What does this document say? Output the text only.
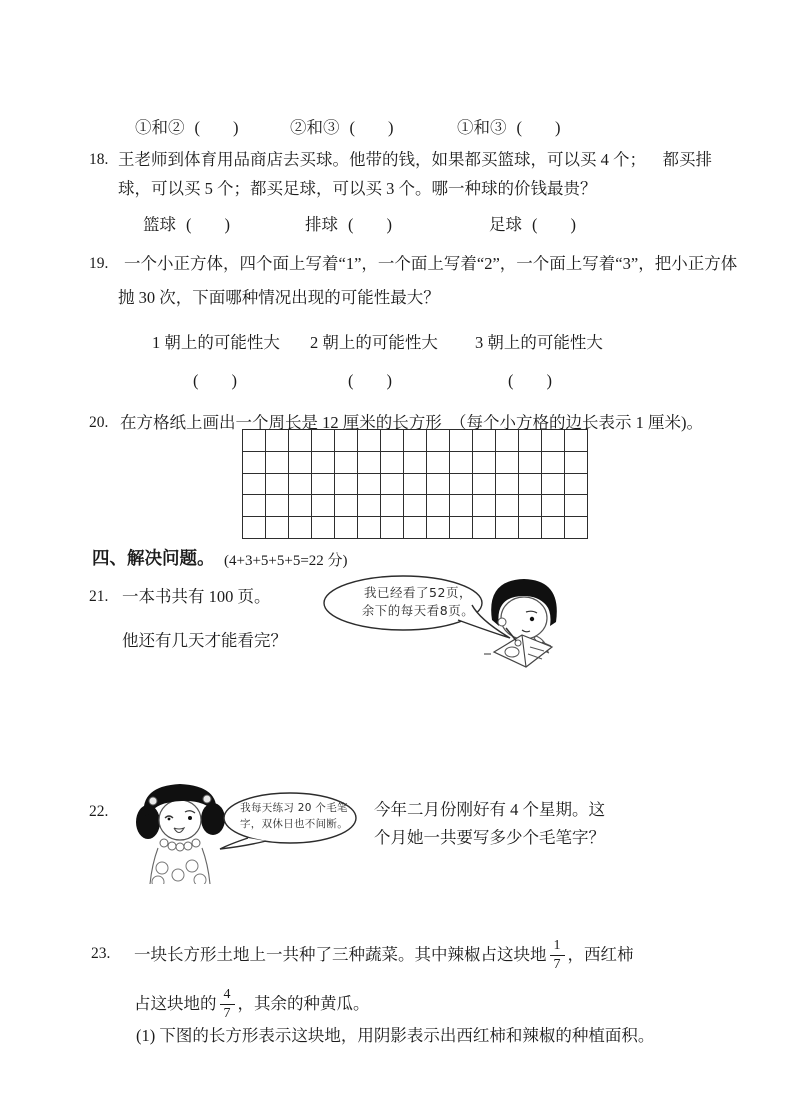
①和② (        )	②和③ (        )	①和③ (        )
18. 王老师到体育用品商店去买球。他带的钱，如果都买篮球，可以买 4 个；    都买排
球，可以买 5 个；都买足球，可以买 3 个。哪一种球的价钱最贵？
篮球 (        )	排球 (        )	足球 (        )
19. 一个小正方体，四个面上写着“1”，一个面上写着“2”，一个面上写着“3”，把小正方体
抛 30 次，下面哪种情况出现的可能性最大？
1 朝上的可能性大 2 朝上的可能性大 3 朝上的可能性大
(        )	(        )	(        )
20. 在方格纸上画出一个周长是 12 厘米的长方形  （每个小方格的边长表示 1 厘米)。
四、解决问题。 (4+3+5+5+5=22 分)
21. 一本书共有 100 页。
他还有几天才能看完？
我已经看了52页，
余下的每天看8页。
22.	我每天练习 20 个毛笔
字，双休日也不间断。
今年二月份刚好有 4 个星期。这
个月她一共要写多少个毛笔字？
23. 一块长方形土地上一共种了三种蔬菜。其中辣椒占这块地 $\frac{1}{7}$ ，西红柿
占这块地的 $\frac{4}{7}$ ，其余的种黄瓜。
(1) 下图的长方形表示这块地，用阴影表示出西红柿和辣椒的种植面积。
